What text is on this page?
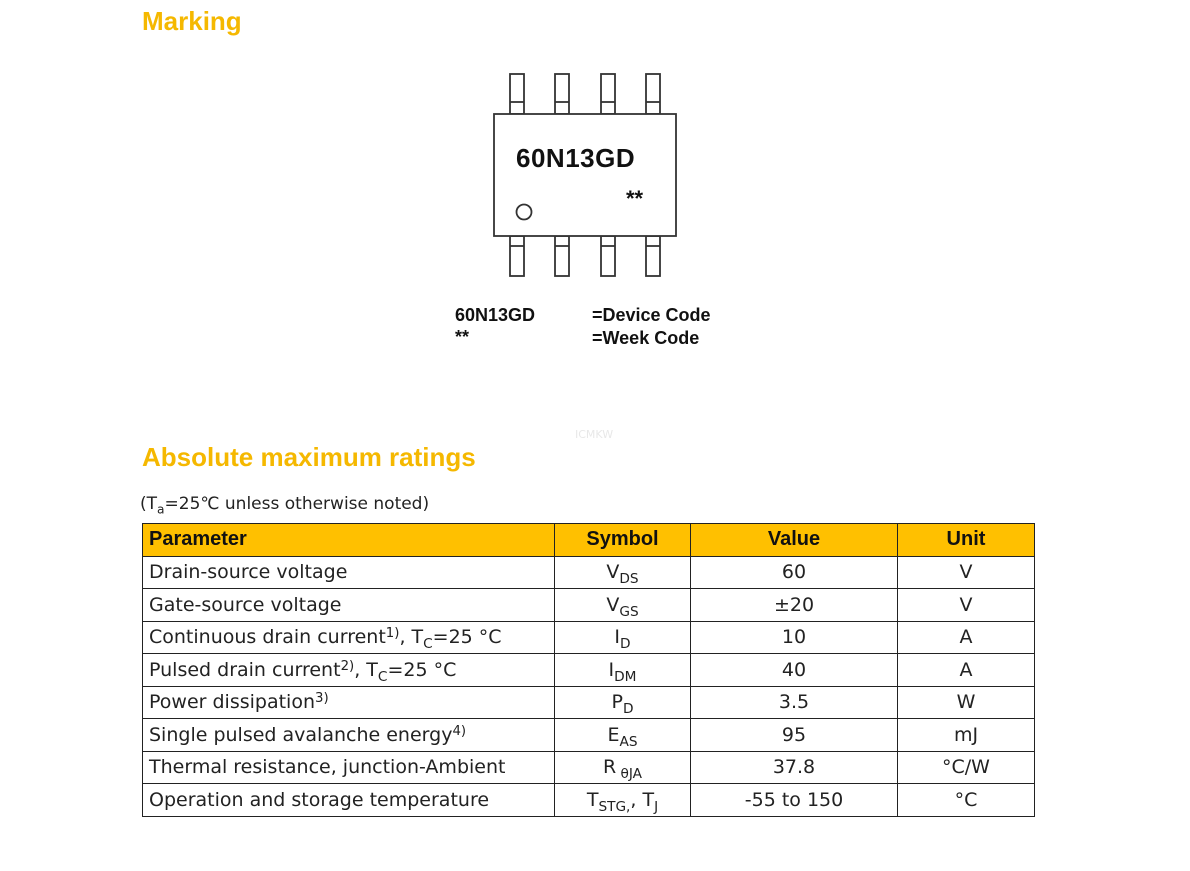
Marking
60N13GD
**
60N13GD
**
=Device Code
=Week Code
ICMKW
Absolute maximum ratings
($T_a=25℃$ unless otherwise noted)
Parameter	Symbol	Value	Unit
Drain-source voltage	$V_{DS}$	60	V
Gate-source voltage	$V_{GS}$	±20	V
Continuous drain current$^{1)}$, $T_C=25$ °C	$I_D$	10	A
Pulsed drain current$^{2)}$, $T_C=25$ °C	$I_{DM}$	40	A
Power dissipation$^{3)}$	$P_D$	3.5	W
Single pulsed avalanche energy$^{4)}$	$E_{AS}$	95	mJ
Thermal resistance, junction-Ambient	R $_{\theta JA}$	37.8	°C/W
Operation and storage temperature	$T_{STG,}$, $T_J$	-55 to 150	°C
